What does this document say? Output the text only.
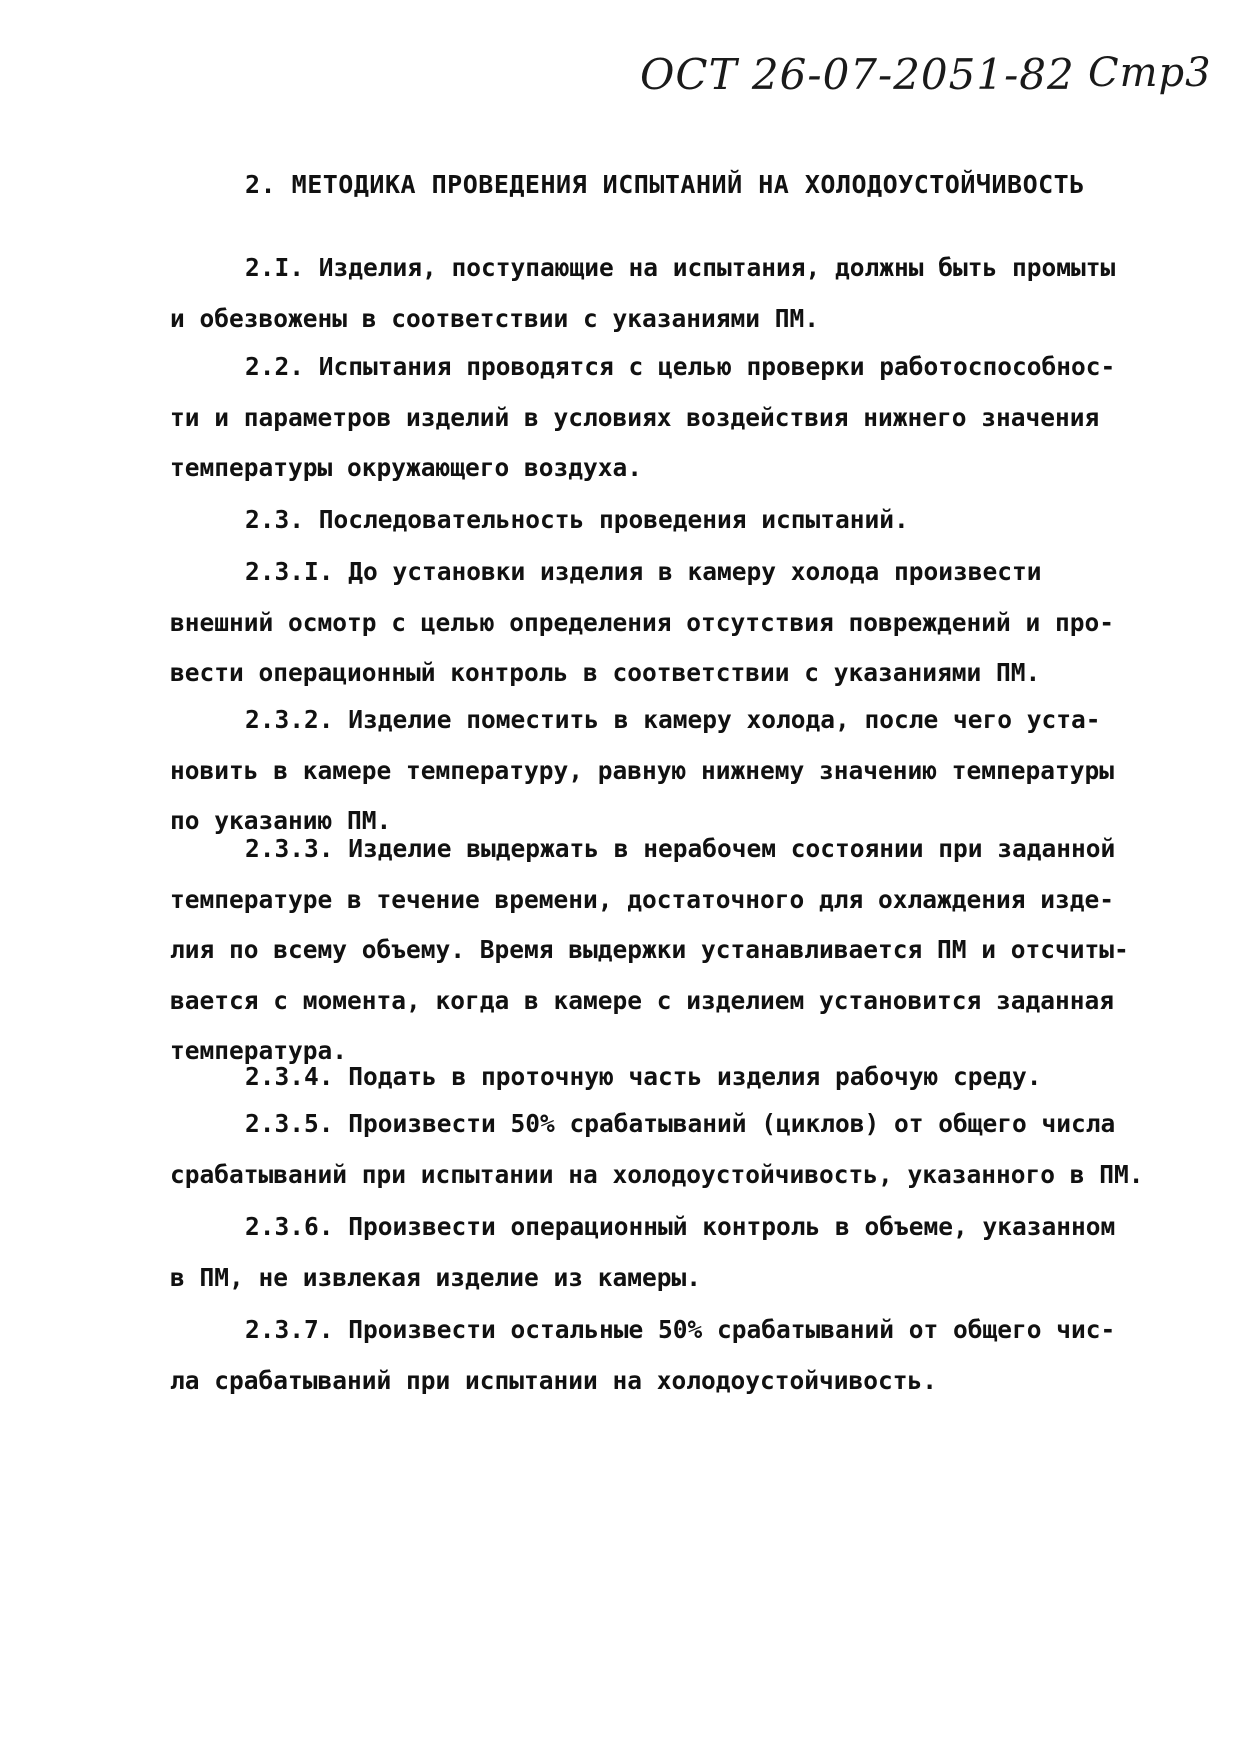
ОСТ 26-07-2051-82 Стр3
2. МЕТОДИКА ПРОВЕДЕНИЯ ИСПЫТАНИЙ НА ХОЛОДОУСТОЙЧИВОСТЬ
2.I. Изделия, поступающие на испытания, должны быть промыты
и обезвожены в соответствии с указаниями ПМ.
2.2. Испытания проводятся с целью проверки работоспособнос-
ти и параметров изделий в условиях воздействия нижнего значения
температуры окружающего воздуха.
2.3. Последовательность проведения испытаний.
2.3.I. До установки изделия в камеру холода произвести
внешний осмотр с целью определения отсутствия повреждений и про-
вести операционный контроль в соответствии с указаниями ПМ.
2.3.2. Изделие поместить в камеру холода, после чего уста-
новить в камере температуру, равную нижнему значению температуры
по указанию ПМ.
2.3.3. Изделие выдержать в нерабочем состоянии при заданной
температуре в течение времени, достаточного для охлаждения изде-
лия по всему объему. Время выдержки устанавливается ПМ и отсчиты-
вается с момента, когда в камере с изделием установится заданная
температура.
2.3.4. Подать в проточную часть изделия рабочую среду.
2.3.5. Произвести 50% срабатываний (циклов) от общего числа
срабатываний при испытании на холодоустойчивость, указанного в ПМ.
2.3.6. Произвести операционный контроль в объеме, указанном
в ПМ, не извлекая изделие из камеры.
2.3.7. Произвести остальные 50% срабатываний от общего чис-
ла срабатываний при испытании на холодоустойчивость.
